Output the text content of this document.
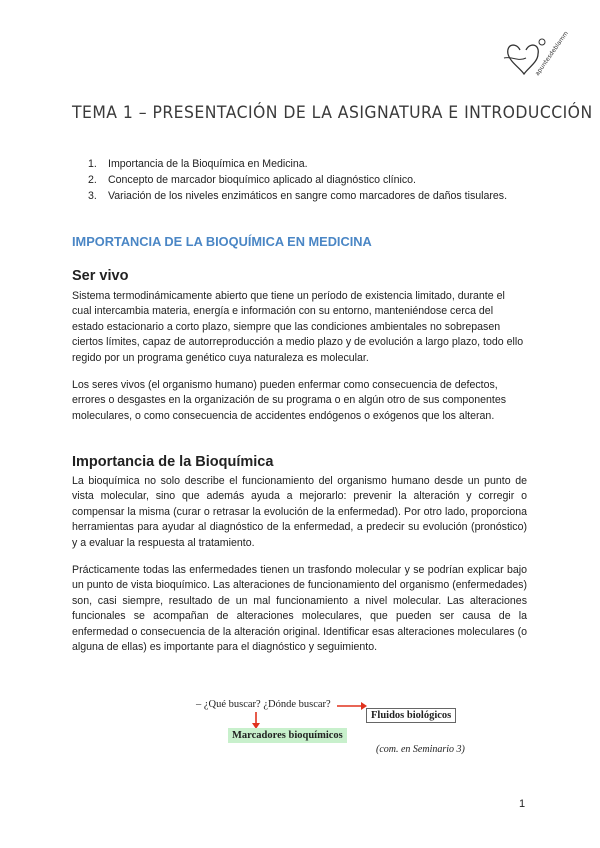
apuntesdeblamm
TEMA 1 – PRESENTACIÓN DE LA ASIGNATURA E INTRODUCCIÓN
1. Importancia de la Bioquímica en Medicina.
2. Concepto de marcador bioquímico aplicado al diagnóstico clínico.
3. Variación de los niveles enzimáticos en sangre como marcadores de daños tisulares.
IMPORTANCIA DE LA BIOQUÍMICA EN MEDICINA
Ser vivo

Sistema termodinámicamente abierto que tiene un período de existencia limitado, durante el cual intercambia materia, energía e información con su entorno, manteniéndose cerca del estado estacionario a corto plazo, siempre que las condiciones ambientales no sobrepasen ciertos límites, capaz de autorreproducción a medio plazo y de evolución a largo plazo, todo ello regido por un programa genético cuya naturaleza es molecular.

Los seres vivos (el organismo humano) pueden enfermar como consecuencia de defectos, errores o desgastes en la organización de su programa o en algún otro de sus componentes moleculares, o como consecuencia de accidentes endógenos o exógenos que los alteran.

Importancia de la Bioquímica

La bioquímica no solo describe el funcionamiento del organismo humano desde un punto de vista molecular, sino que además ayuda a mejorarlo: prevenir la alteración y corregir o compensar la misma (curar o retrasar la evolución de la enfermedad). Por otro lado, proporciona herramientas para ayudar al diagnóstico de la enfermedad, a predecir su evolución (pronóstico) y a evaluar la respuesta al tratamiento.

Prácticamente todas las enfermedades tienen un trasfondo molecular y se podrían explicar bajo un punto de vista bioquímico. Las alteraciones de funcionamiento del organismo (enfermedades) son, casi siempre, resultado de un mal funcionamiento a nivel molecular. Las alteraciones funcionales se acompañan de alteraciones moleculares, que pueden ser causa de la enfermedad o consecuencia de la alteración original. Identificar esas alteraciones moleculares (o alguna de ellas) es importante para el diagnóstico y seguimiento.

– ¿Qué buscar? ¿Dónde buscar?
Fluidos biológicos
Marcadores bioquímicos
(com. en Seminario 3)
1
